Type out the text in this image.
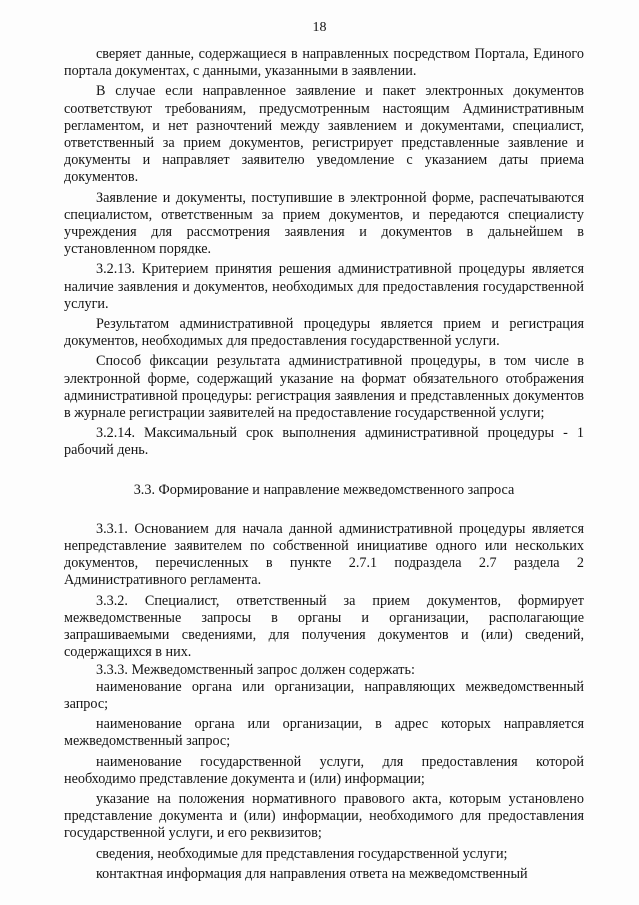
18

сверяет данные, содержащиеся в направленных посредством Портала, Единого портала документах, с данными, указанными в заявлении.

В случае если направленное заявление и пакет электронных документов соответствуют требованиям, предусмотренным настоящим Административным регламентом, и нет разночтений между заявлением и документами, специалист, ответственный за прием документов, регистрирует представленные заявление и документы и направляет заявителю уведомление с указанием даты приема документов.

Заявление и документы, поступившие в электронной форме, распечатываются специалистом, ответственным за прием документов, и передаются специалисту учреждения для рассмотрения заявления и документов в дальнейшем в установленном порядке.

3.2.13. Критерием принятия решения административной процедуры является наличие заявления и документов, необходимых для предоставления государственной услуги.

Результатом административной процедуры является прием и регистрация документов, необходимых для предоставления государственной услуги.

Способ фиксации результата административной процедуры, в том числе в электронной форме, содержащий указание на формат обязательного отображения административной процедуры: регистрация заявления и представленных документов в журнале регистрации заявителей на предоставление государственной услуги;

3.2.14. Максимальный срок выполнения административной процедуры - 1 рабочий день.

3.3. Формирование и направление межведомственного запроса

3.3.1. Основанием для начала данной административной процедуры является непредставление заявителем по собственной инициативе одного или нескольких документов, перечисленных в пункте 2.7.1 подраздела 2.7 раздела 2 Административного регламента.

3.3.2. Специалист, ответственный за прием документов, формирует межведомственные запросы в органы и организации, располагающие запрашиваемыми сведениями, для получения документов и (или) сведений, содержащихся в них.

3.3.3. Межведомственный запрос должен содержать:

наименование органа или организации, направляющих межведомственный запрос;

наименование органа или организации, в адрес которых направляется межведомственный запрос;

наименование государственной услуги, для предоставления которой необходимо представление документа и (или) информации;

указание на положения нормативного правового акта, которым установлено представление документа и (или) информации, необходимого для предоставления государственной услуги, и его реквизитов;

сведения, необходимые для представления государственной услуги;

контактная информация для направления ответа на межведомственный
